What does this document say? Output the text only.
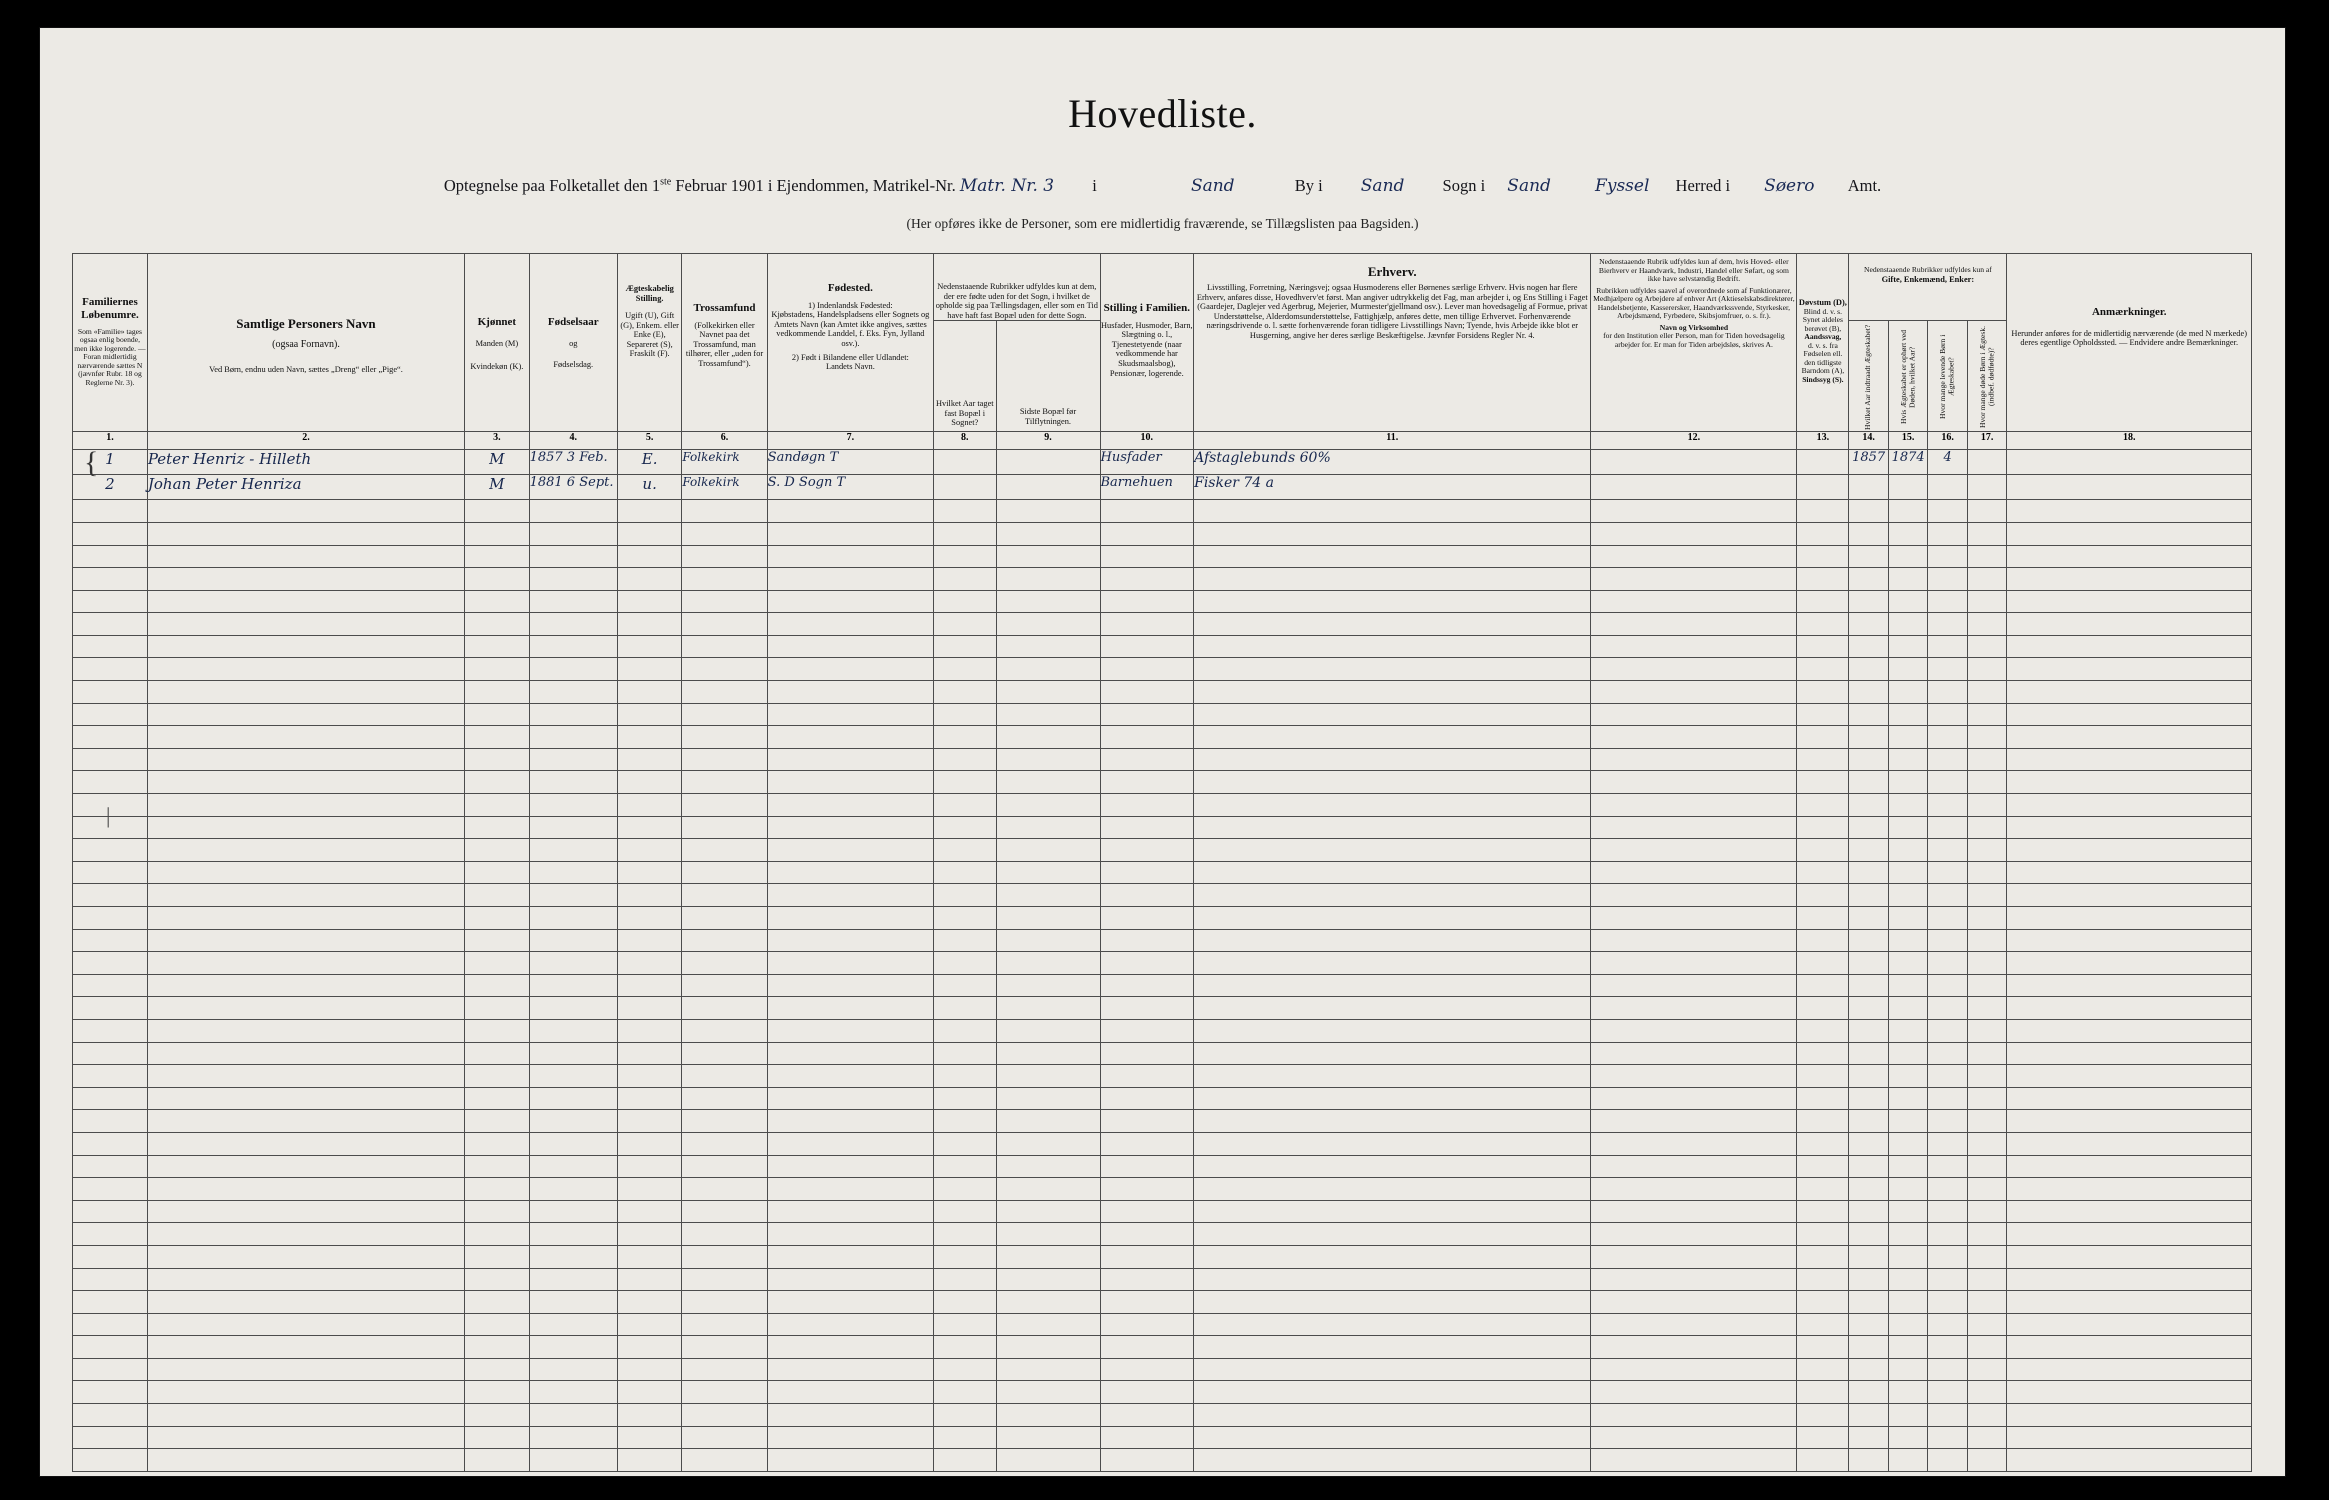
Hovedliste.
Optegnelse paa Folketallet den 1ste Februar 1901 i Ejendommen, Matrikel-Nr. Matr. Nr. 3 i	Sand	By i Sand Sogn i Sand	Fyssel Herred i Søero Amt.
(Her opføres ikke de Personer, som ere midlertidig fraværende, se Tillægslisten paa Bagsiden.)
Familiernes Løbenumre.
Som «Familie» tages ogsaa enlig boende, men ikke logerende. — Foran midlertidig nærværende sættes N (jævnfør Rubr. 18 og Reglerne Nr. 3).

Samtlige Personers Navn
(ogsaa Fornavn).
Ved Børn, endnu uden Navn, sættes „Dreng“ eller „Pige“.

Kjønnet
Manden (M)
Kvindekøn (K).

Fødselsaar
og
Fødselsdag.

Ægteskabelig Stilling.
Ugift (U), Gift (G), Enkem. eller Enke (E), Separeret (S), Fraskilt (F).

Trossamfund
(Folkekirken eller Navnet paa det Trossamfund, man tilhører, eller „uden for Trossamfund“).

Fødested.
1) Indenlandsk Fødested:
Kjøbstadens, Handelspladsens eller Sognets og Amtets Navn (kan Amtet ikke angives, sættes vedkommende Landdel, f. Eks. Fyn, Jylland osv.).
2) Født i Bilandene eller Udlandet:
Landets Navn.

Nedenstaaende Rubrikker udfyldes kun at dem, der ere fødte uden for det Sogn, i hvilket de opholde sig paa Tællingsdagen, eller som en Tid have haft fast Bopæl uden for dette Sogn.

Stilling i Familien.
Husfader, Husmoder, Barn, Slægtning o. l., Tjenestetyende (naar vedkommende har Skudsmaalsbog), Pensionær, logerende.

Erhverv.
Livsstilling, Forretning, Næringsvej; ogsaa Husmoderens eller Børnenes særlige Erhverv. Hvis nogen har flere Erhverv, anføres disse, Hovedhverv'et først. Man angiver udtrykkelig det Fag, man arbejder i, og Ens Stilling i Faget (Gaardejer, Daglejer ved Agerbrug, Mejerier, Murmester'gjellmand osv.). Lever man hovedsagelig af Formue, privat Understøttelse, Alderdomsunderstøttelse, Fattighjælp, anføres dette, men tillige Erhvervet. Forhenværende næringsdrivende o. l. sætte forhenværende foran tidligere Livsstillings Navn; Tyende, hvis Arbejde ikke blot er Husgerning, angive her deres særlige Beskæftigelse. Jævnfør Forsidens Regler Nr. 4.

Nedenstaaende Rubrik udfyldes kun af dem, hvis Hoved- eller Bierhverv er Haandværk, Industri, Handel eller Søfart, og som ikke have selvstændig Bedrift.
Rubrikken udfyldes saavel af overordnede som af Funktionærer, Medhjælpere og Arbejdere af enhver Art (Aktieselskabsdirektører, Handelsbetjente, Kasserersker, Haandværkssvende, Styrkesker, Arbejdsmænd, Fyrbødere, Skibsjomfruer, o. s. fr.).
Navn og Virksomhed
for den Institution eller Person, man for Tiden hovedsagelig arbejder for. Er man for Tiden arbejdsløs, skrives A.

Døvstum (D),
Blind d. v. s.
Synet aldeles berøvet (B),
Aandssvag,
d. v. s. fra Fødselen ell. den tidligste Barndom (A),
Sindssyg (S).

Nedenstaaende Rubrikker udfyldes kun af
Gifte, Enkemænd, Enker:

Anmærkninger.
Herunder anføres for de midlertidig nærværende (de med N mærkede) deres egentlige Opholdssted. — Endvidere andre Bemærkninger.

							Hvilket Aar taget fast Bopæl i Sognet?	Sidste Bopæl før Tilflytningen.					Hvilket Aar indtraadt Ægteskabet?	Hvis Ægteskabet er ophørt ved Døden, hvilket Aar?	Hvor mange levende Børn i Ægteskabet?	Hvor mange døde Børn i Ægtesk. (indbef. dødfødte)?	

1.	2.	3.	4.	5.	6.	7.	8.	9.	10.	11.	12.	13.	14.	15.	16.	17.	18.
1	Peter Henriz - Hilleth	M	1857 3 Feb.	E.	Folkekirk	Sandøgn T			Husfader	Afstaglebunds 60%			1857	1874	4		
2	Johan Peter Henriza	M	1881 6 Sept.	u.	Folkekirk	S. D Sogn T			Barnehuen	Fisker 74 a							

{
|
